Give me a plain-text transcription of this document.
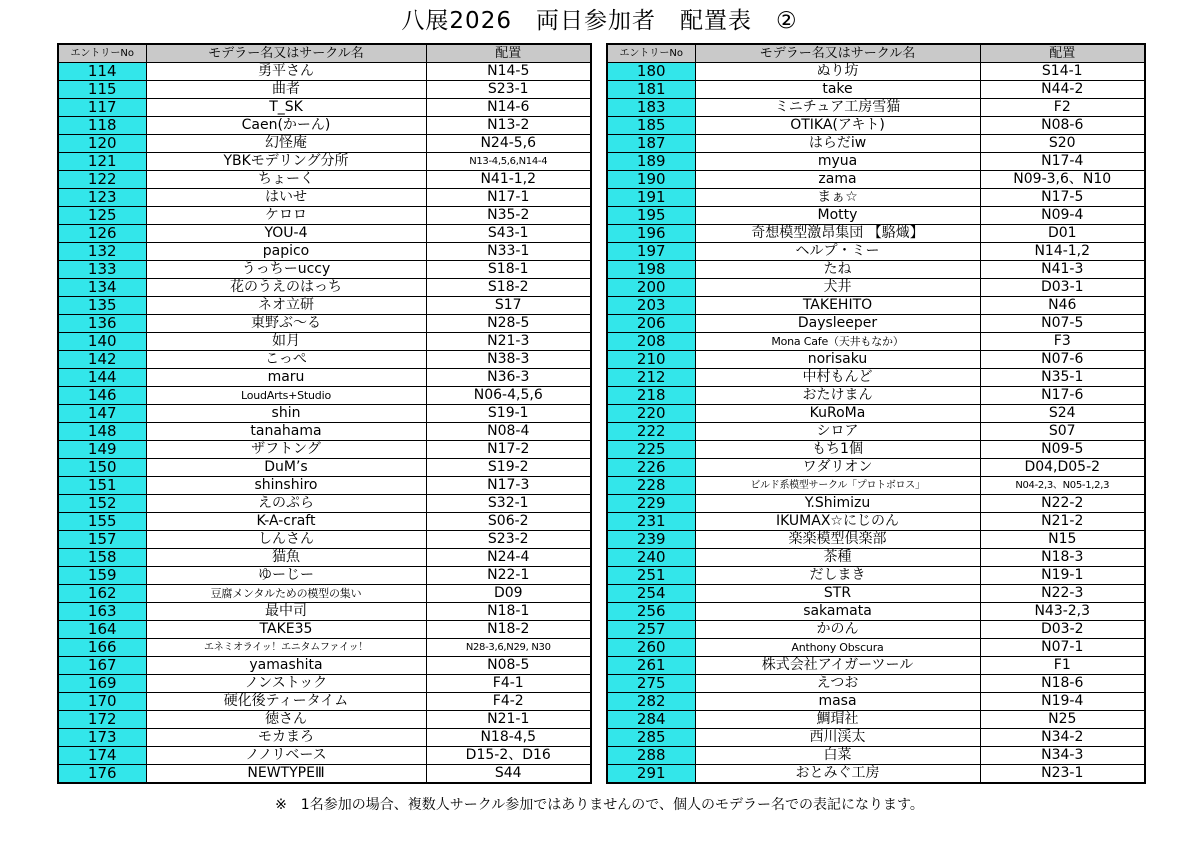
八展2026　両日参加者　配置表　②
エントリーNo	モデラー名又はサークル名	配置
114	勇平さん	N14-5
115	曲者	S23-1
117	T_SK	N14-6
118	Caen(かーん)	N13-2
120	幻怪庵	N24-5,6
121	YBKモデリング分所	N13-4,5,6,N14-4
122	ちょーく	N41-1,2
123	はいせ	N17-1
125	ケロロ	N35-2
126	YOU-4	S43-1
132	papico	N33-1
133	うっちーuccy	S18-1
134	花のうえのはっち	S18-2
135	ネオ立研	S17
136	東野ぶ～る	N28-5
140	如月	N21-3
142	こっぺ	N38-3
144	maru	N36-3
146	LoudArts+Studio	N06-4,5,6
147	shin	S19-1
148	tanahama	N08-4
149	ザフトング	N17-2
150	DuM’s	S19-2
151	shinshiro	N17-3
152	えのぷら	S32-1
155	K-A-craft	S06-2
157	しんさん	S23-2
158	猫魚	N24-4
159	ゆーじー	N22-1
162	豆腐メンタルための模型の集い	D09
163	最中司	N18-1
164	TAKE35	N18-2
166	エネミオライッ！エニタムファイッ！	N28-3,6,N29, N30
167	yamashita	N08-5
169	ノンストック	F4-1
170	硬化後ティータイム	F4-2
172	徳さん	N21-1
173	モカまろ	N18-4,5
174	ノノリベース	D15-2、D16
176	NEWTYPEⅢ	S44
エントリーNo	モデラー名又はサークル名	配置
180	ぬり坊	S14-1
181	take	N44-2
183	ミニチュア工房雪猫	F2
185	OTIKA(アキト)	N08-6
187	はらだiw	S20
189	myua	N17-4
190	zama	N09-3,6、N10
191	まぁ☆	N17-5
195	Motty	N09-4
196	奇想模型激昂集団 【駱熾】	D01
197	ヘルプ・ミー	N14-1,2
198	たね	N41-3
200	犬井	D03-1
203	TAKEHITO	N46
206	Daysleeper	N07-5
208	Mona Cafe（天井もなか）	F3
210	norisaku	N07-6
212	中村もんど	N35-1
218	おたけまん	N17-6
220	KuRoMa	S24
222	シロア	S07
225	もち1個	N09-5
226	ワダリオン	D04,D05-2
228	ビルド系模型サークル「プロトボロス」	N04-2,3、N05-1,2,3
229	Y.Shimizu	N22-2
231	IKUMAX☆にじのん	N21-2
239	楽楽模型倶楽部	N15
240	茶種	N18-3
251	だしまき	N19-1
254	STR	N22-3
256	sakamata	N43-2,3
257	かのん	D03-2
260	Anthony Obscura	N07-1
261	株式会社アイガーツール	F1
275	えつお	N18-6
282	masa	N19-4
284	鯛瑁社	N25
285	西川渓太	N34-2
288	白菜	N34-3
291	おとみぐ工房	N23-1
※　1名参加の場合、複数人サークル参加ではありませんので、個人のモデラー名での表記になります。
